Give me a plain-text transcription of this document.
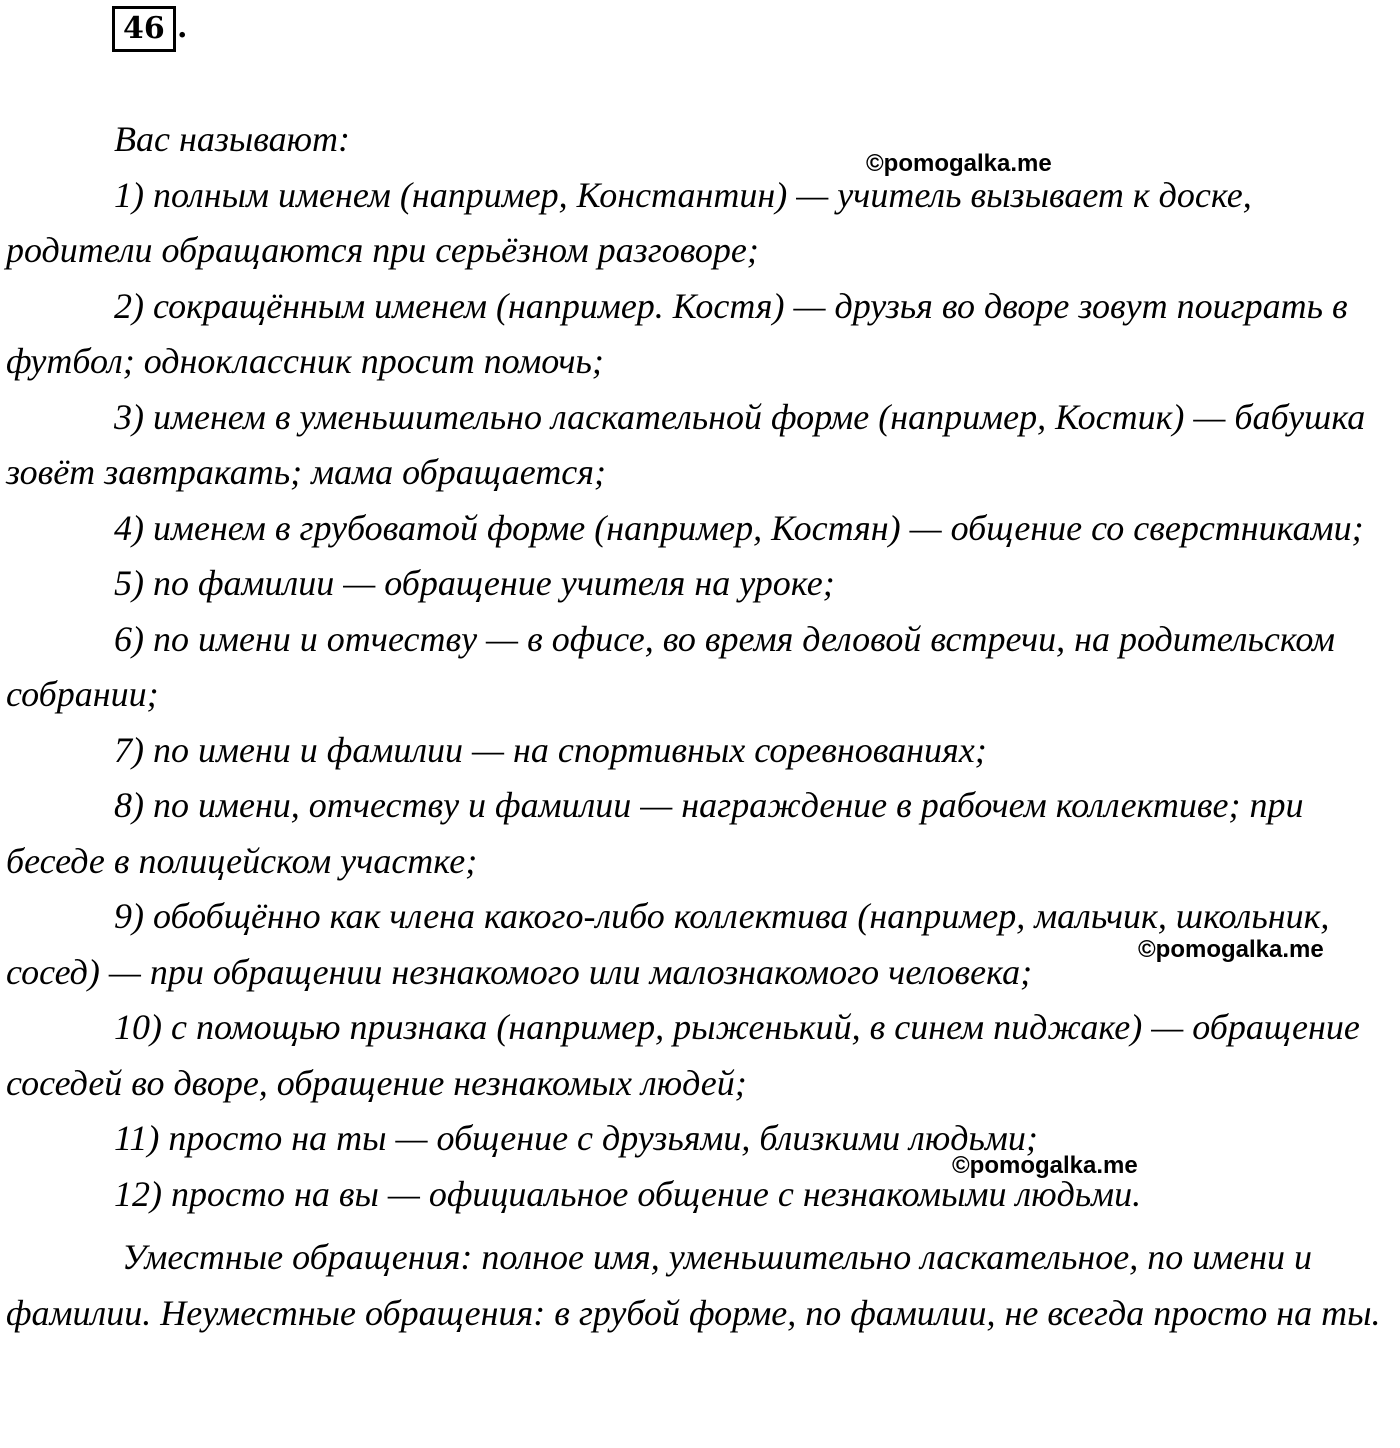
46 .

Вас называют:

1) полным именем (например, Константин) — учитель вызывает к доске, родители обращаются при серьёзном разговоре;

2) сокращённым именем (например. Костя) — друзья во дворе зовут поиграть в футбол; одноклассник просит помочь;

3) именем в уменьшительно ласкательной форме (например, Костик) — бабушка зовёт завтракать; мама обращается;

4) именем в грубоватой форме (например, Костян) — общение со сверстниками;

5) по фамилии — обращение учителя на уроке;

6) по имени и отчеству — в офисе, во время деловой встречи, на родительском собрании;

7) по имени и фамилии — на спортивных соревнованиях;

8) по имени, отчеству и фамилии — награждение в рабочем коллективе; при беседе в полицейском участке;

9) обобщённо как члена какого-либо коллектива (например, мальчик, школьник, сосед) — при обращении незнакомого или малознакомого человека;

10) с помощью признака (например, рыженький, в синем пиджаке) — обращение соседей во дворе, обращение незнакомых людей;

11) просто на ты — общение с друзьями, близкими людьми;

12) просто на вы — официальное общение с незнакомыми людьми.

Уместные обращения: полное имя, уменьшительно ласкательное, по имени и фамилии. Неуместные обращения: в грубой форме, по фамилии, не всегда просто на ты.

©pomogalka.me
©pomogalka.me
©pomogalka.me
